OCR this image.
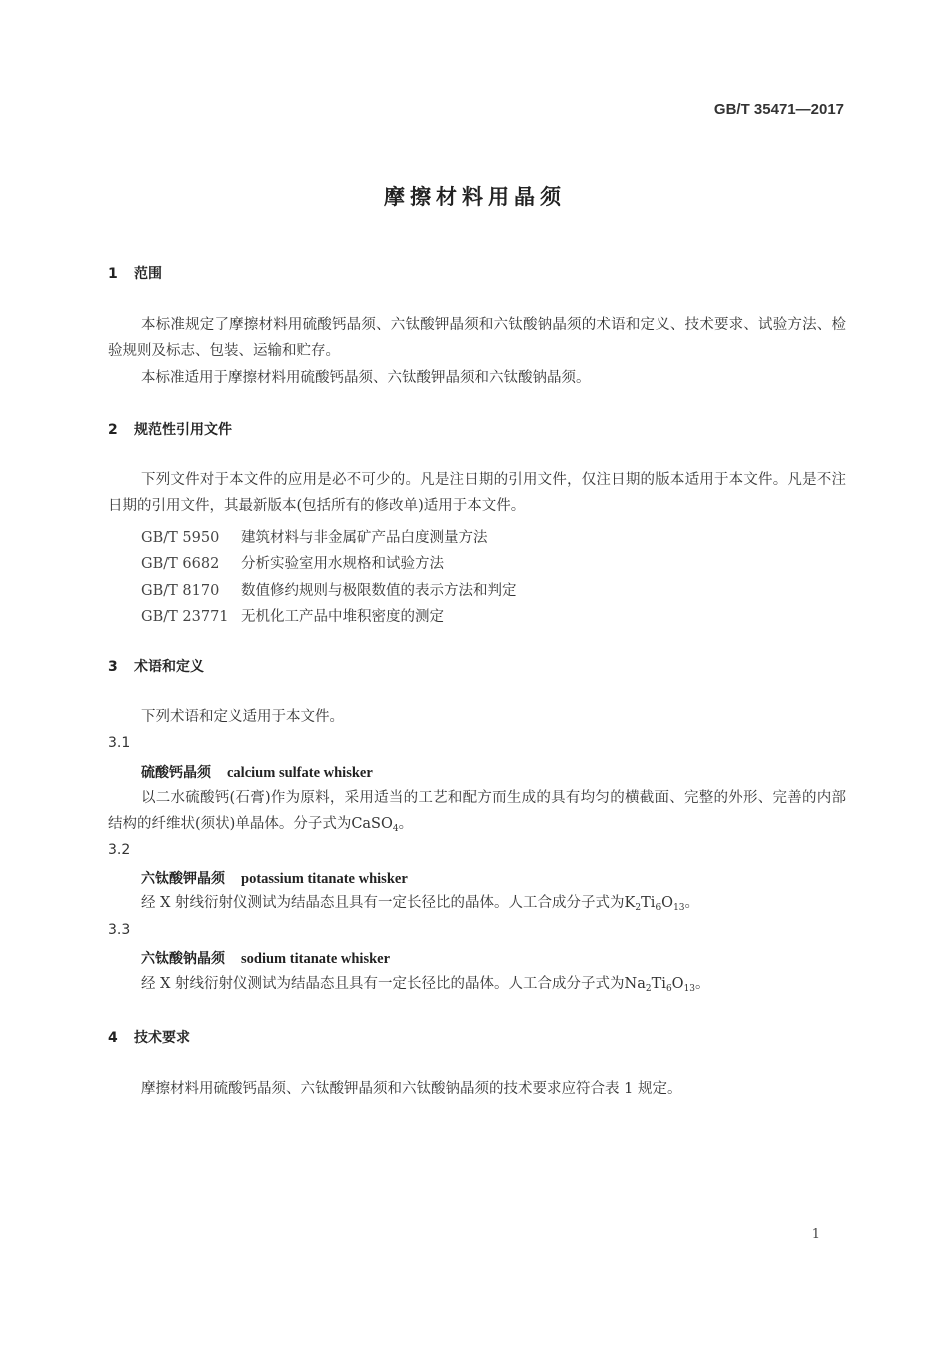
GB/T 35471—2017
摩擦材料用晶须
1 范围
本标准规定了摩擦材料用硫酸钙晶须、六钛酸钾晶须和六钛酸钠晶须的术语和定义、技术要求、试验方法、检验规则及标志、包装、运输和贮存。
本标准适用于摩擦材料用硫酸钙晶须、六钛酸钾晶须和六钛酸钠晶须。
2 规范性引用文件
下列文件对于本文件的应用是必不可少的。凡是注日期的引用文件，仅注日期的版本适用于本文件。凡是不注日期的引用文件，其最新版本(包括所有的修改单)适用于本文件。
GB/T 5950 建筑材料与非金属矿产品白度测量方法
GB/T 6682 分析实验室用水规格和试验方法
GB/T 8170 数值修约规则与极限数值的表示方法和判定
GB/T 23771 无机化工产品中堆积密度的测定
3 术语和定义
下列术语和定义适用于本文件。
3.1
硫酸钙晶须 calcium sulfate whisker
以二水硫酸钙(石膏)作为原料，采用适当的工艺和配方而生成的具有均匀的横截面、完整的外形、完善的内部结构的纤维状(须状)单晶体。分子式为CaSO$_4$。
3.2
六钛酸钾晶须 potassium titanate whisker
经 X 射线衍射仪测试为结晶态且具有一定长径比的晶体。人工合成分子式为$K_2Ti_6O_{13}$。
3.3
六钛酸钠晶须 sodium titanate whisker
经 X 射线衍射仪测试为结晶态且具有一定长径比的晶体。人工合成分子式为$Na_2Ti_6O_{13}$。
4 技术要求
摩擦材料用硫酸钙晶须、六钛酸钾晶须和六钛酸钠晶须的技术要求应符合表 1 规定。
1
